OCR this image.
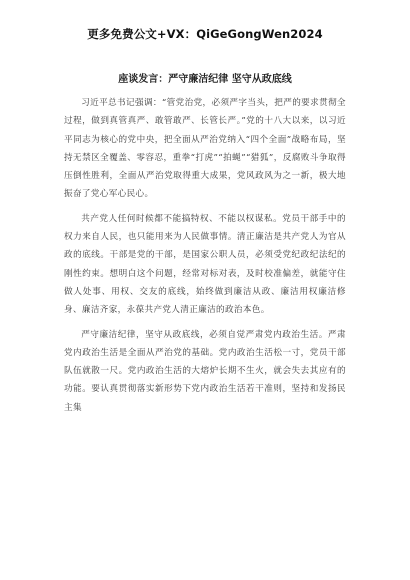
更多免费公文+VX：QiGeGongWen2024
座谈发言：严守廉洁纪律 坚守从政底线

习近平总书记强调：“管党治党，必须严字当头，把严的要求贯彻全过程，做到真管真严、敢管敢严、长管长严。”党的十八大以来，以习近平同志为核心的党中央，把全面从严治党纳入“四个全面”战略布局，坚持无禁区全覆盖、零容忍，重拳“打虎”“拍蝇”“猎狐”，反腐败斗争取得压倒性胜利，全面从严治党取得重大成果，党风政风为之一新，极大地振奋了党心军心民心。

共产党人任何时候都不能搞特权、不能以权谋私。党员干部手中的权力来自人民，也只能用来为人民做事情。清正廉洁是共产党人为官从政的底线。干部是党的干部，是国家公职人员，必须受党纪政纪法纪的刚性约束。想明白这个问题，经常对标对表，及时校准偏差，就能守住做人处事、用权、交友的底线，始终做到廉洁从政、廉洁用权廉洁修身、廉洁齐家，永葆共产党人清正廉洁的政治本色。

严守廉洁纪律，坚守从政底线，必须自觉严肃党内政治生活。严肃党内政治生活是全面从严治党的基础。党内政治生活松一寸，党员干部队伍就散一尺。党内政治生活的大熔炉长期不生火，就会失去其应有的功能。要认真贯彻落实新形势下党内政治生活若干准则，坚持和发扬民主集
